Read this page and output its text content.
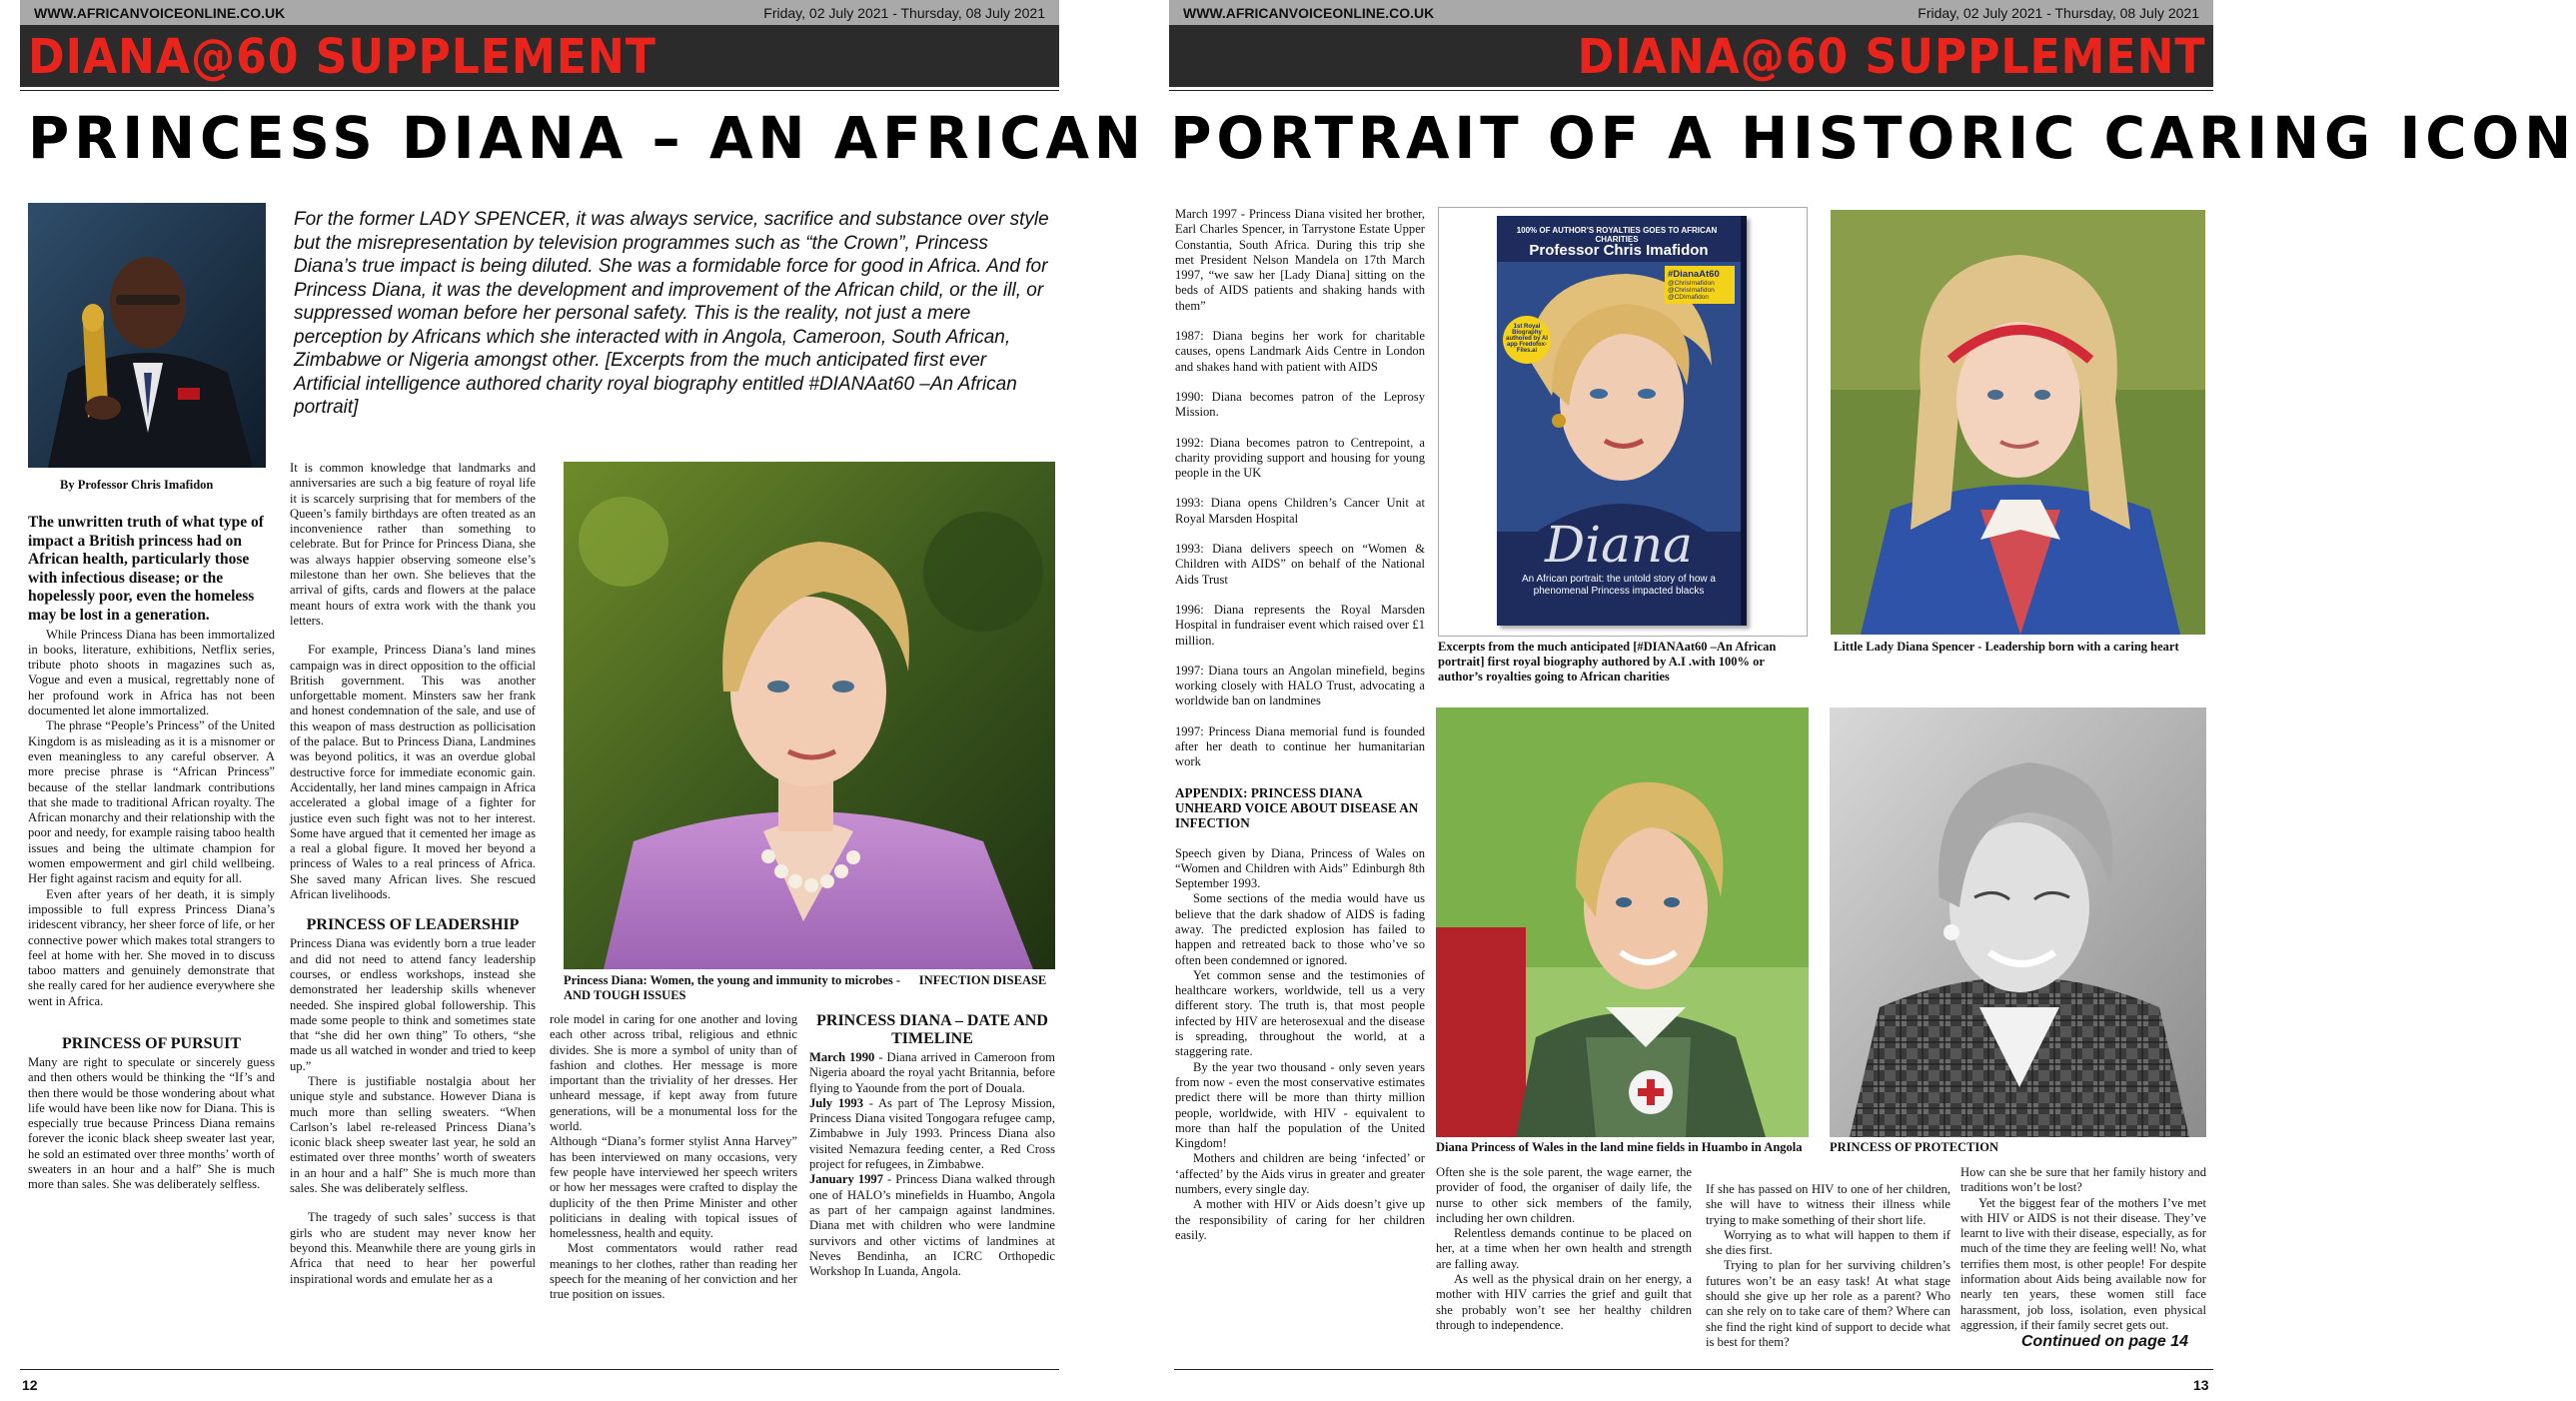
WWW.AFRICANVOICEONLINE.CO.UK	Friday, 02 July 2021 - Thursday, 08 July 2021	WWW.AFRICANVOICEONLINE.CO.UK	Friday, 02 July 2021 - Thursday, 08 July 2021
DIANA@60 SUPPLEMENT	DIANA@60 SUPPLEMENT
PRINCESS DIANA – AN AFRICAN PORTRAIT OF A HISTORIC CARING ICON
By Professor Chris Imafidon
For the former LADY SPENCER, it was always service, sacrifice and substance over style but the misrepresentation by television programmes such as “the Crown”, Princess Diana’s true impact is being diluted. She was a formidable force for good in Africa. And for Princess Diana, it was the development and improvement of the African child, or the ill, or suppressed woman before her personal safety. This is the reality, not just a mere perception by Africans which she interacted with in Angola, Cameroon, South African, Zimbabwe or Nigeria amongst other. [Excerpts from the much anticipated first ever Artificial intelligence authored charity royal biography entitled #DIANAat60 –An African portrait]

The unwritten truth of what type of impact a British princess had on African health, particularly those with infectious disease; or the hopelessly poor, even the homeless may be lost in a generation.

While Princess Diana has been immortalized in books, literature, exhibitions, Netflix series, tribute photo shoots in magazines such as, Vogue and even a musical, regrettably none of her profound work in Africa has not been documented let alone immortalized.

The phrase “People’s Princess” of the United Kingdom is as misleading as it is a misnomer or even meaningless to any careful observer. A more precise phrase is “African Princess” because of the stellar landmark contributions that she made to traditional African royalty. The African monarchy and their relationship with the poor and needy, for example raising taboo health issues and being the ultimate champion for women empowerment and girl child wellbeing. Her fight against racism and equity for all.

Even after years of her death, it is simply impossible to full express Princess Diana’s iridescent vibrancy, her sheer force of life, or her connective power which makes total strangers to feel at home with her. She moved in to discuss taboo matters and genuinely demonstrate that she really cared for her audience everywhere she went in Africa.

PRINCESS OF PURSUIT

Many are right to speculate or sincerely guess and then others would be thinking the “If’s and then there would be those wondering about what life would have been like now for Diana. This is especially true because Princess Diana remains forever the iconic black sheep sweater last year, he sold an estimated over three months’ worth of sweaters in an hour and a half” She is much more than sales. She was deliberately selfless.

It is common knowledge that landmarks and anniversaries are such a big feature of royal life it is scarcely surprising that for members of the Queen’s family birthdays are often treated as an inconvenience rather than something to celebrate. But for Prince for Princess Diana, she was always happier observing someone else’s milestone than her own. She believes that the arrival of gifts, cards and flowers at the palace meant hours of extra work with the thank you letters.

For example, Princess Diana’s land mines campaign was in direct opposition to the official British government. This was another unforgettable moment. Minsters saw her frank and honest condemnation of the sale, and use of this weapon of mass destruction as pollicisation of the palace. But to Princess Diana, Landmines was beyond politics, it was an overdue global destructive force for immediate economic gain. Accidentally, her land mines campaign in Africa accelerated a global image of a fighter for justice even such fight was not to her interest. Some have argued that it cemented her image as a real a global figure. It moved her beyond a princess of Wales to a real princess of Africa. She saved many African lives. She rescued African livelihoods.

PRINCESS OF LEADERSHIP

Princess Diana was evidently born a true leader and did not need to attend fancy leadership courses, or endless workshops, instead she demonstrated her leadership skills whenever needed. She inspired global followership. This made some people to think and sometimes state that “she did her own thing” To others, “she made us all watched in wonder and tried to keep up.”

There is justifiable nostalgia about her unique style and substance. However Diana is much more than selling sweaters. “When Carlson’s label re-released Princess Diana’s iconic black sheep sweater last year, he sold an estimated over three months’ worth of sweaters in an hour and a half” She is much more than sales. She was deliberately selfless.

The tragedy of such sales’ success is that girls who are student may never know her beyond this. Meanwhile there are young girls in Africa that need to hear her powerful inspirational words and emulate her as a

Princess Diana: Women, the young and immunity to microbes -      INFECTION DISEASE AND TOUGH ISSUES

role model in caring for one another and loving each other across tribal, religious and ethnic divides. She is more a symbol of unity than of fashion and clothes. Her message is more important than the triviality of her dresses. Her unheard message, if kept away from future generations, will be a monumental loss for the world.

Although “Diana’s former stylist Anna Harvey” has been interviewed on many occasions, very few people have interviewed her speech writers or how her messages were crafted to display the duplicity of the then Prime Minister and other politicians in dealing with topical issues of homelessness, health and equity.

Most commentators would rather read meanings to her clothes, rather than reading her speech for the meaning of her conviction and her true position on issues.

PRINCESS DIANA – DATE AND TIMELINE

March 1990 - Diana arrived in Cameroon from Nigeria aboard the royal yacht Britannia, before flying to Yaounde from the port of Douala.

July 1993 - As part of The Leprosy Mission, Princess Diana visited Tongogara refugee camp, Zimbabwe in July 1993. Princess Diana also visited Nemazura feeding center, a Red Cross project for refugees, in Zimbabwe.

January 1997 - Princess Diana walked through one of HALO’s minefields in Huambo, Angola as part of her campaign against landmines. Diana met with children who were landmine survivors and other victims of landmines at Neves Bendinha, an ICRC Orthopedic Workshop In Luanda, Angola.

12	13

March 1997 - Princess Diana visited her brother, Earl Charles Spencer, in Tarrystone Estate Upper Constantia, South Africa. During this trip she met President Nelson Mandela on 17th March 1997, “we saw her [Lady Diana] sitting on the beds of AIDS patients and shaking hands with them”

1987: Diana begins her work for charitable causes, opens Landmark Aids Centre in London and shakes hand with patient with AIDS

1990: Diana becomes patron of the Leprosy Mission.

1992: Diana becomes patron to Centrepoint, a charity providing support and housing for young people in the UK

1993: Diana opens Children’s Cancer Unit at Royal Marsden Hospital

1993: Diana delivers speech on “Women & Children with AIDS” on behalf of the National Aids Trust

1996: Diana represents the Royal Marsden Hospital in fundraiser event which raised over £1 million.

1997: Diana tours an Angolan minefield, begins working closely with HALO Trust, advocating a worldwide ban on landmines

1997: Princess Diana memorial fund is founded after her death to continue her humanitarian work

APPENDIX: PRINCESS DIANA UNHEARD VOICE ABOUT DISEASE AN INFECTION

Speech given by Diana, Princess of Wales on “Women and Children with Aids” Edinburgh 8th September 1993.

Some sections of the media would have us believe that the dark shadow of AIDS is fading away. The predicted explosion has failed to happen and retreated back to those who’ve so often been condemned or ignored.

Yet common sense and the testimonies of healthcare workers, worldwide, tell us a very different story. The truth is, that most people infected by HIV are heterosexual and the disease is spreading, throughout the world, at a staggering rate.

By the year two thousand - only seven years from now - even the most conservative estimates predict there will be more than thirty million people, worldwide, with HIV - equivalent to more than half the population of the United Kingdom!

Mothers and children are being ‘infected’ or ‘affected’ by the Aids virus in greater and greater numbers, every single day.

A mother with HIV or Aids doesn’t give up the responsibility of caring for her children easily.

100% OF AUTHOR’S ROYALTIES GOES TO AFRICAN CHARITIES
Professor Chris Imafidon
#DianaAt60
@ChrisImafidon
@ChrisImafidon
@CDImafidon
1st Royal Biography authored by AI app Fredofox-Files.ai
Diana
An African portrait: the untold story of how a phenomenal Princess impacted blacks
Excerpts from the much anticipated [#DIANAat60 –An African portrait] first royal biography authored by A.I .with 100% or author’s royalties going to African charities
Little Lady Diana Spencer - Leadership born with a caring heart
Diana Princess of Wales in the land mine fields in Huambo in Angola PRINCESS OF PROTECTION

Often she is the sole parent, the wage earner, the provider of food, the organiser of daily life, the nurse to other sick members of the family, including her own children.

Relentless demands continue to be placed on her, at a time when her own health and strength are falling away.

As well as the physical drain on her energy, a mother with HIV carries the grief and guilt that she probably won’t see her healthy children through to independence.

If she has passed on HIV to one of her children, she will have to witness their illness while trying to make something of their short life.

Worrying as to what will happen to them if she dies first.

Trying to plan for her surviving children’s futures won’t be an easy task! At what stage should she give up her role as a parent? Who can she rely on to take care of them? Where can she find the right kind of support to decide what is best for them?

How can she be sure that her family history and traditions won’t be lost?

Yet the biggest fear of the mothers I’ve met with HIV or AIDS is not their disease. They’ve learnt to live with their disease, especially, as for much of the time they are feeling well! No, what terrifies them most, is other people! For despite information about Aids being available now for nearly ten years, these women still face harassment, job loss, isolation, even physical aggression, if their family secret gets out.

Continued on page 14
